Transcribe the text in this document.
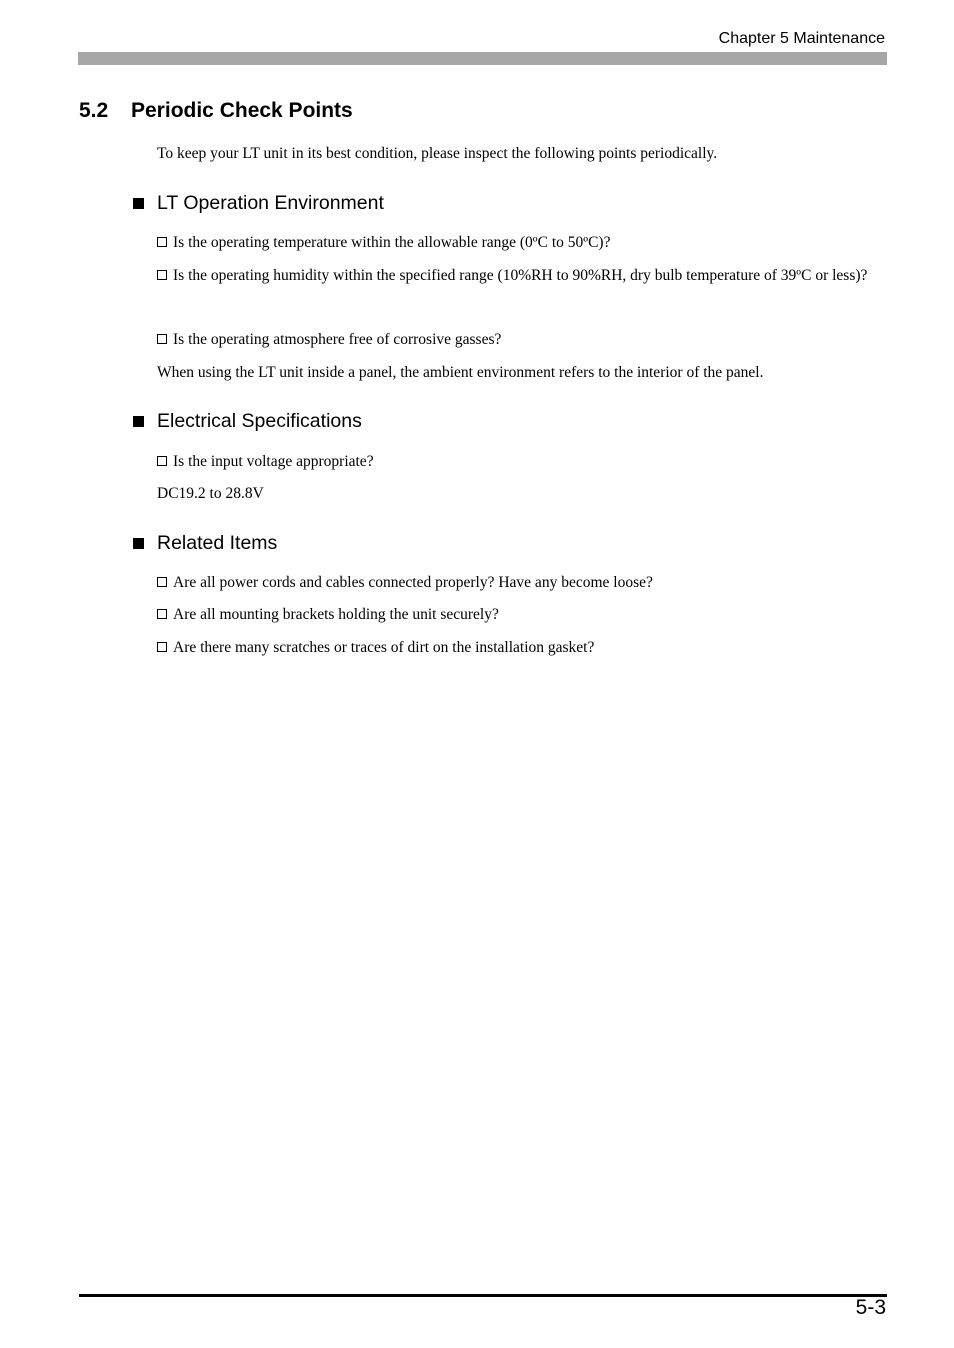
Chapter 5 Maintenance
5.2 Periodic Check Points
To keep your LT unit in its best condition, please inspect the following points periodically.
LT Operation Environment
Is the operating temperature within the allowable range (0ºC to 50ºC)?
Is the operating humidity within the specified range (10%RH to 90%RH, dry bulb temperature of 39ºC or less)?
Is the operating atmosphere free of corrosive gasses?
When using the LT unit inside a panel, the ambient environment refers to the interior of the panel.
Electrical Specifications
Is the input voltage appropriate?
DC19.2 to 28.8V
Related Items
Are all power cords and cables connected properly? Have any become loose?
Are all mounting brackets holding the unit securely?
Are there many scratches or traces of dirt on the installation gasket?
5-3
